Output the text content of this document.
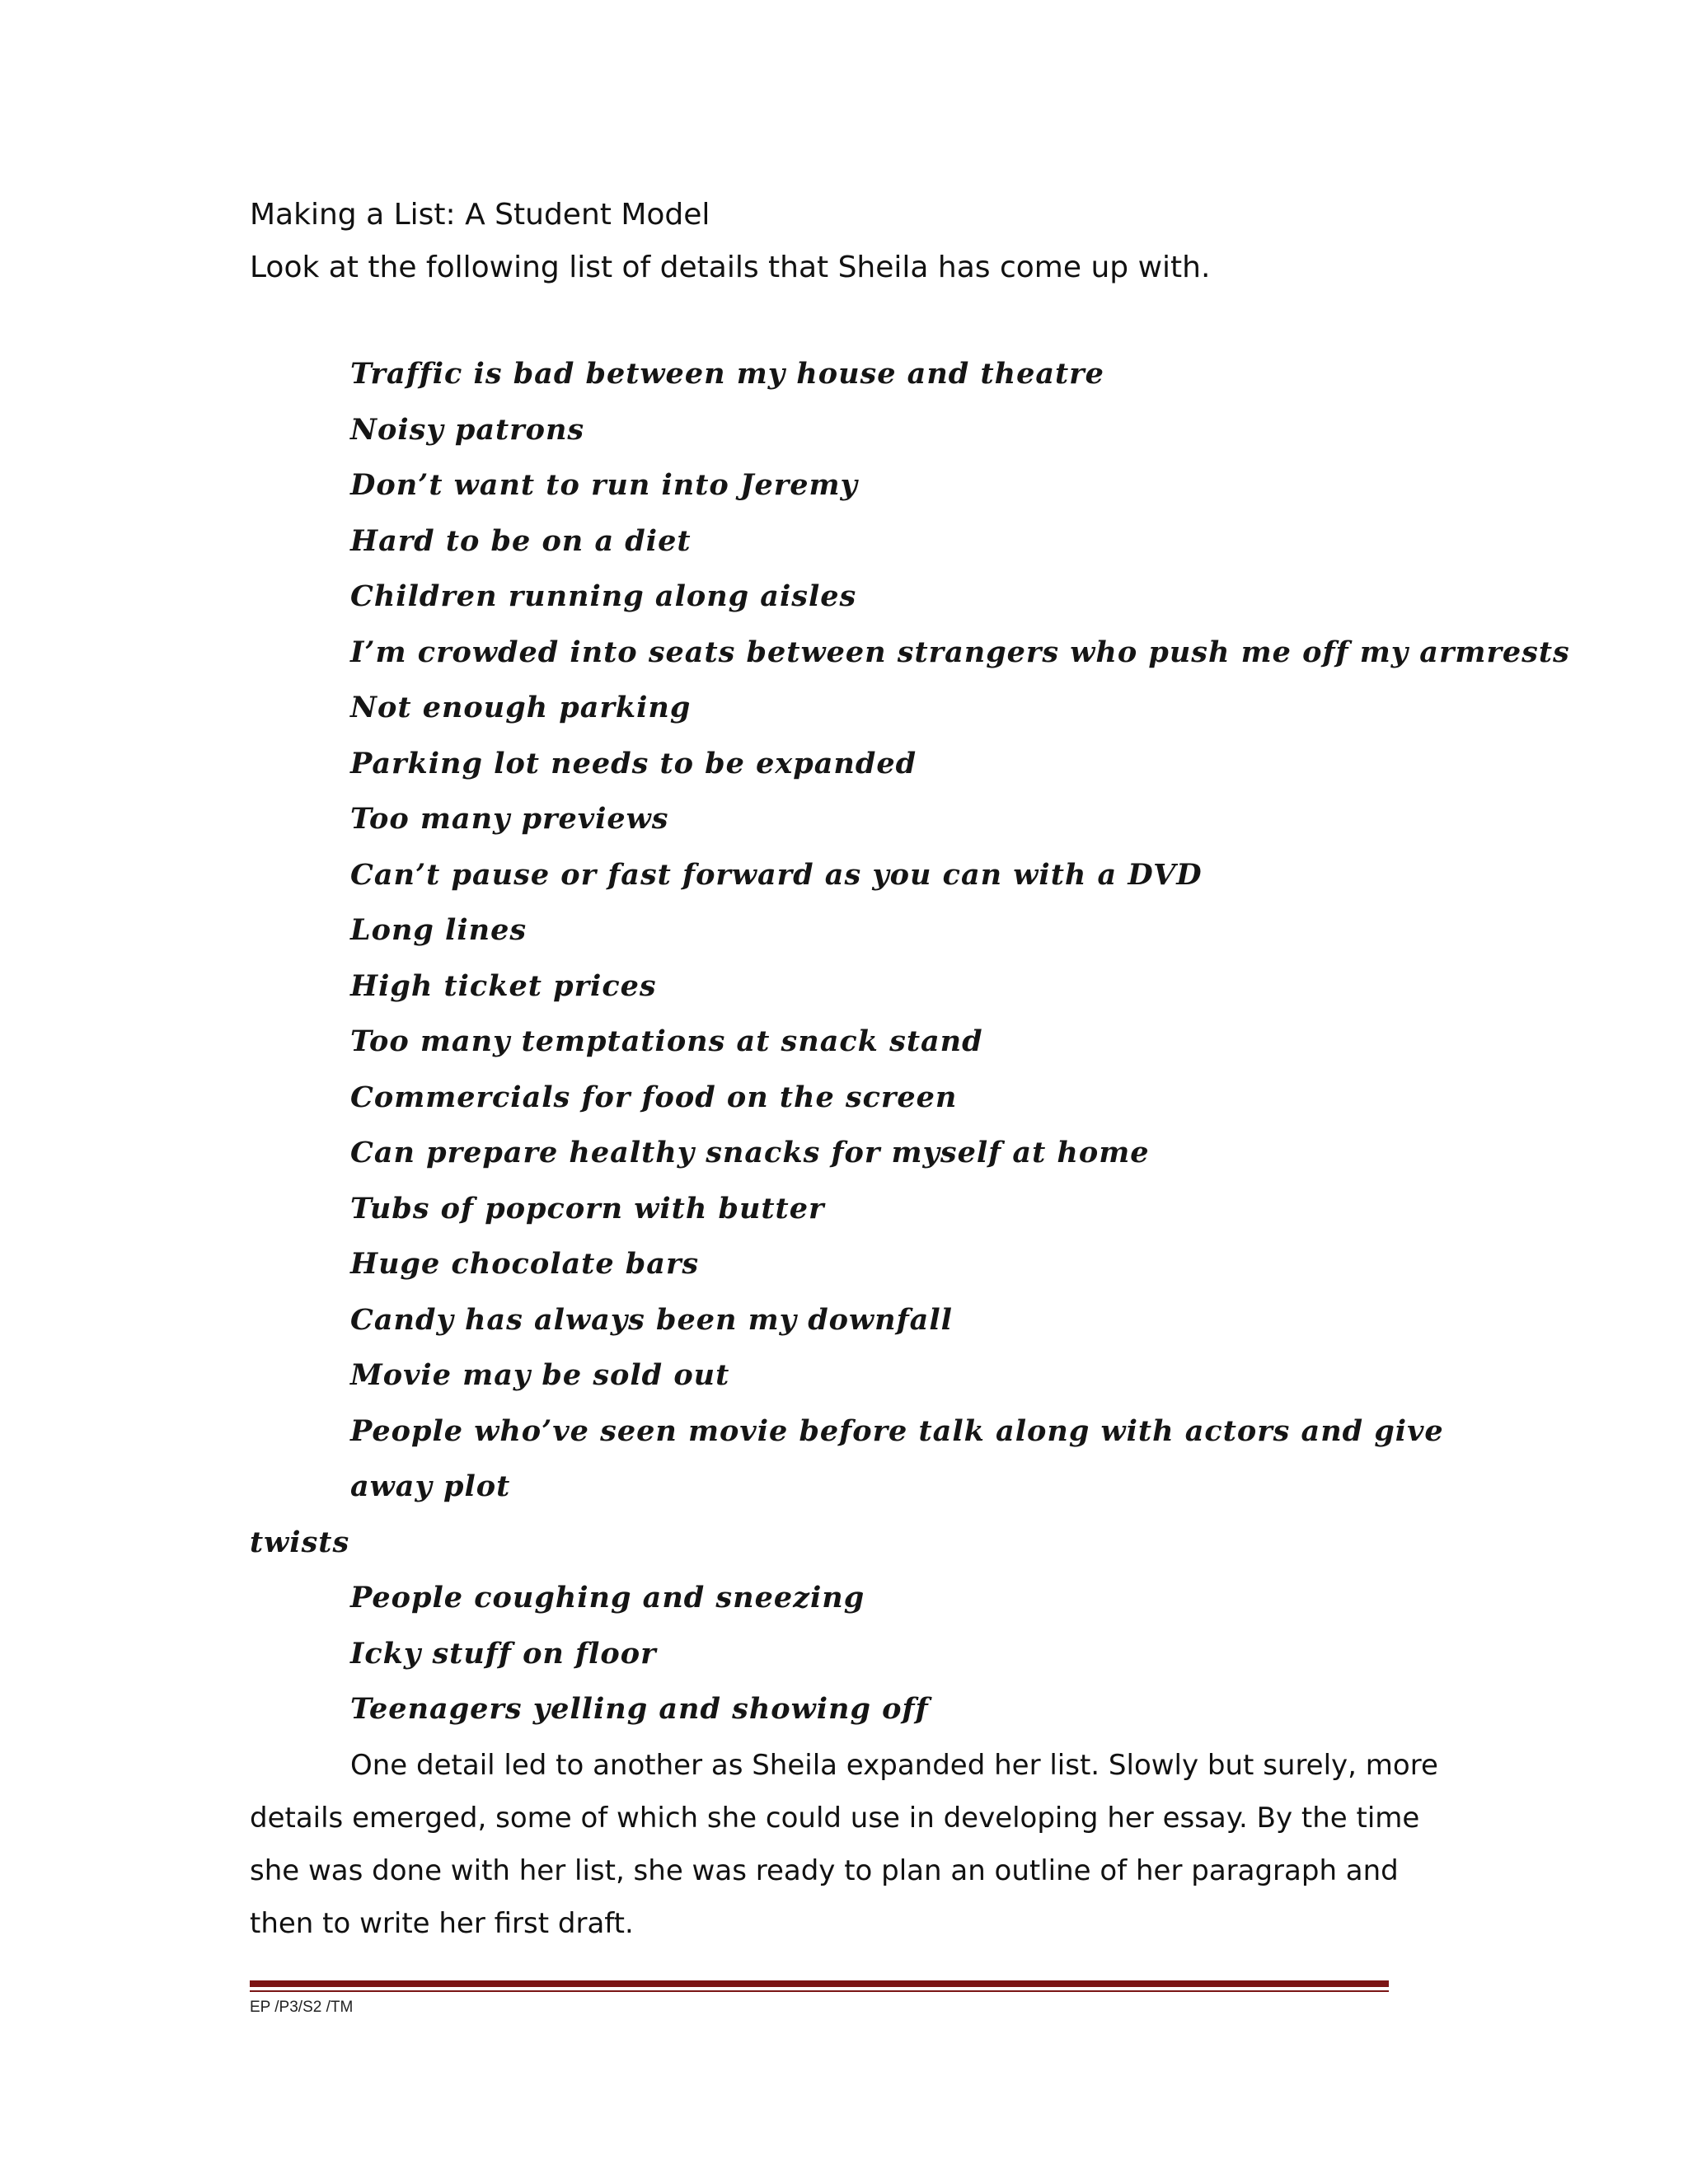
Making a List: A Student Model
Look at the following list of details that Sheila has come up with.
Traffic is bad between my house and theatre
Noisy patrons
Don’t want to run into Jeremy
Hard to be on a diet
Children running along aisles
I’m crowded into seats between strangers who push me off my armrests
Not enough parking
Parking lot needs to be expanded
Too many previews
Can’t pause or fast forward as you can with a DVD
Long lines
High ticket prices
Too many temptations at snack stand
Commercials for food on the screen
Can prepare healthy snacks for myself at home
Tubs of popcorn with butter
Huge chocolate bars
Candy has always been my downfall
Movie may be sold out
People who’ve seen movie before talk along with actors and give away plot
twists
People coughing and sneezing
Icky stuff on floor
Teenagers yelling and showing off

One detail led to another as Sheila expanded her list. Slowly but surely, more details emerged, some of which she could use in developing her essay. By the time she was done with her list, she was ready to plan an outline of her paragraph and then to write her first draft.

EP /P3/S2 /TM
